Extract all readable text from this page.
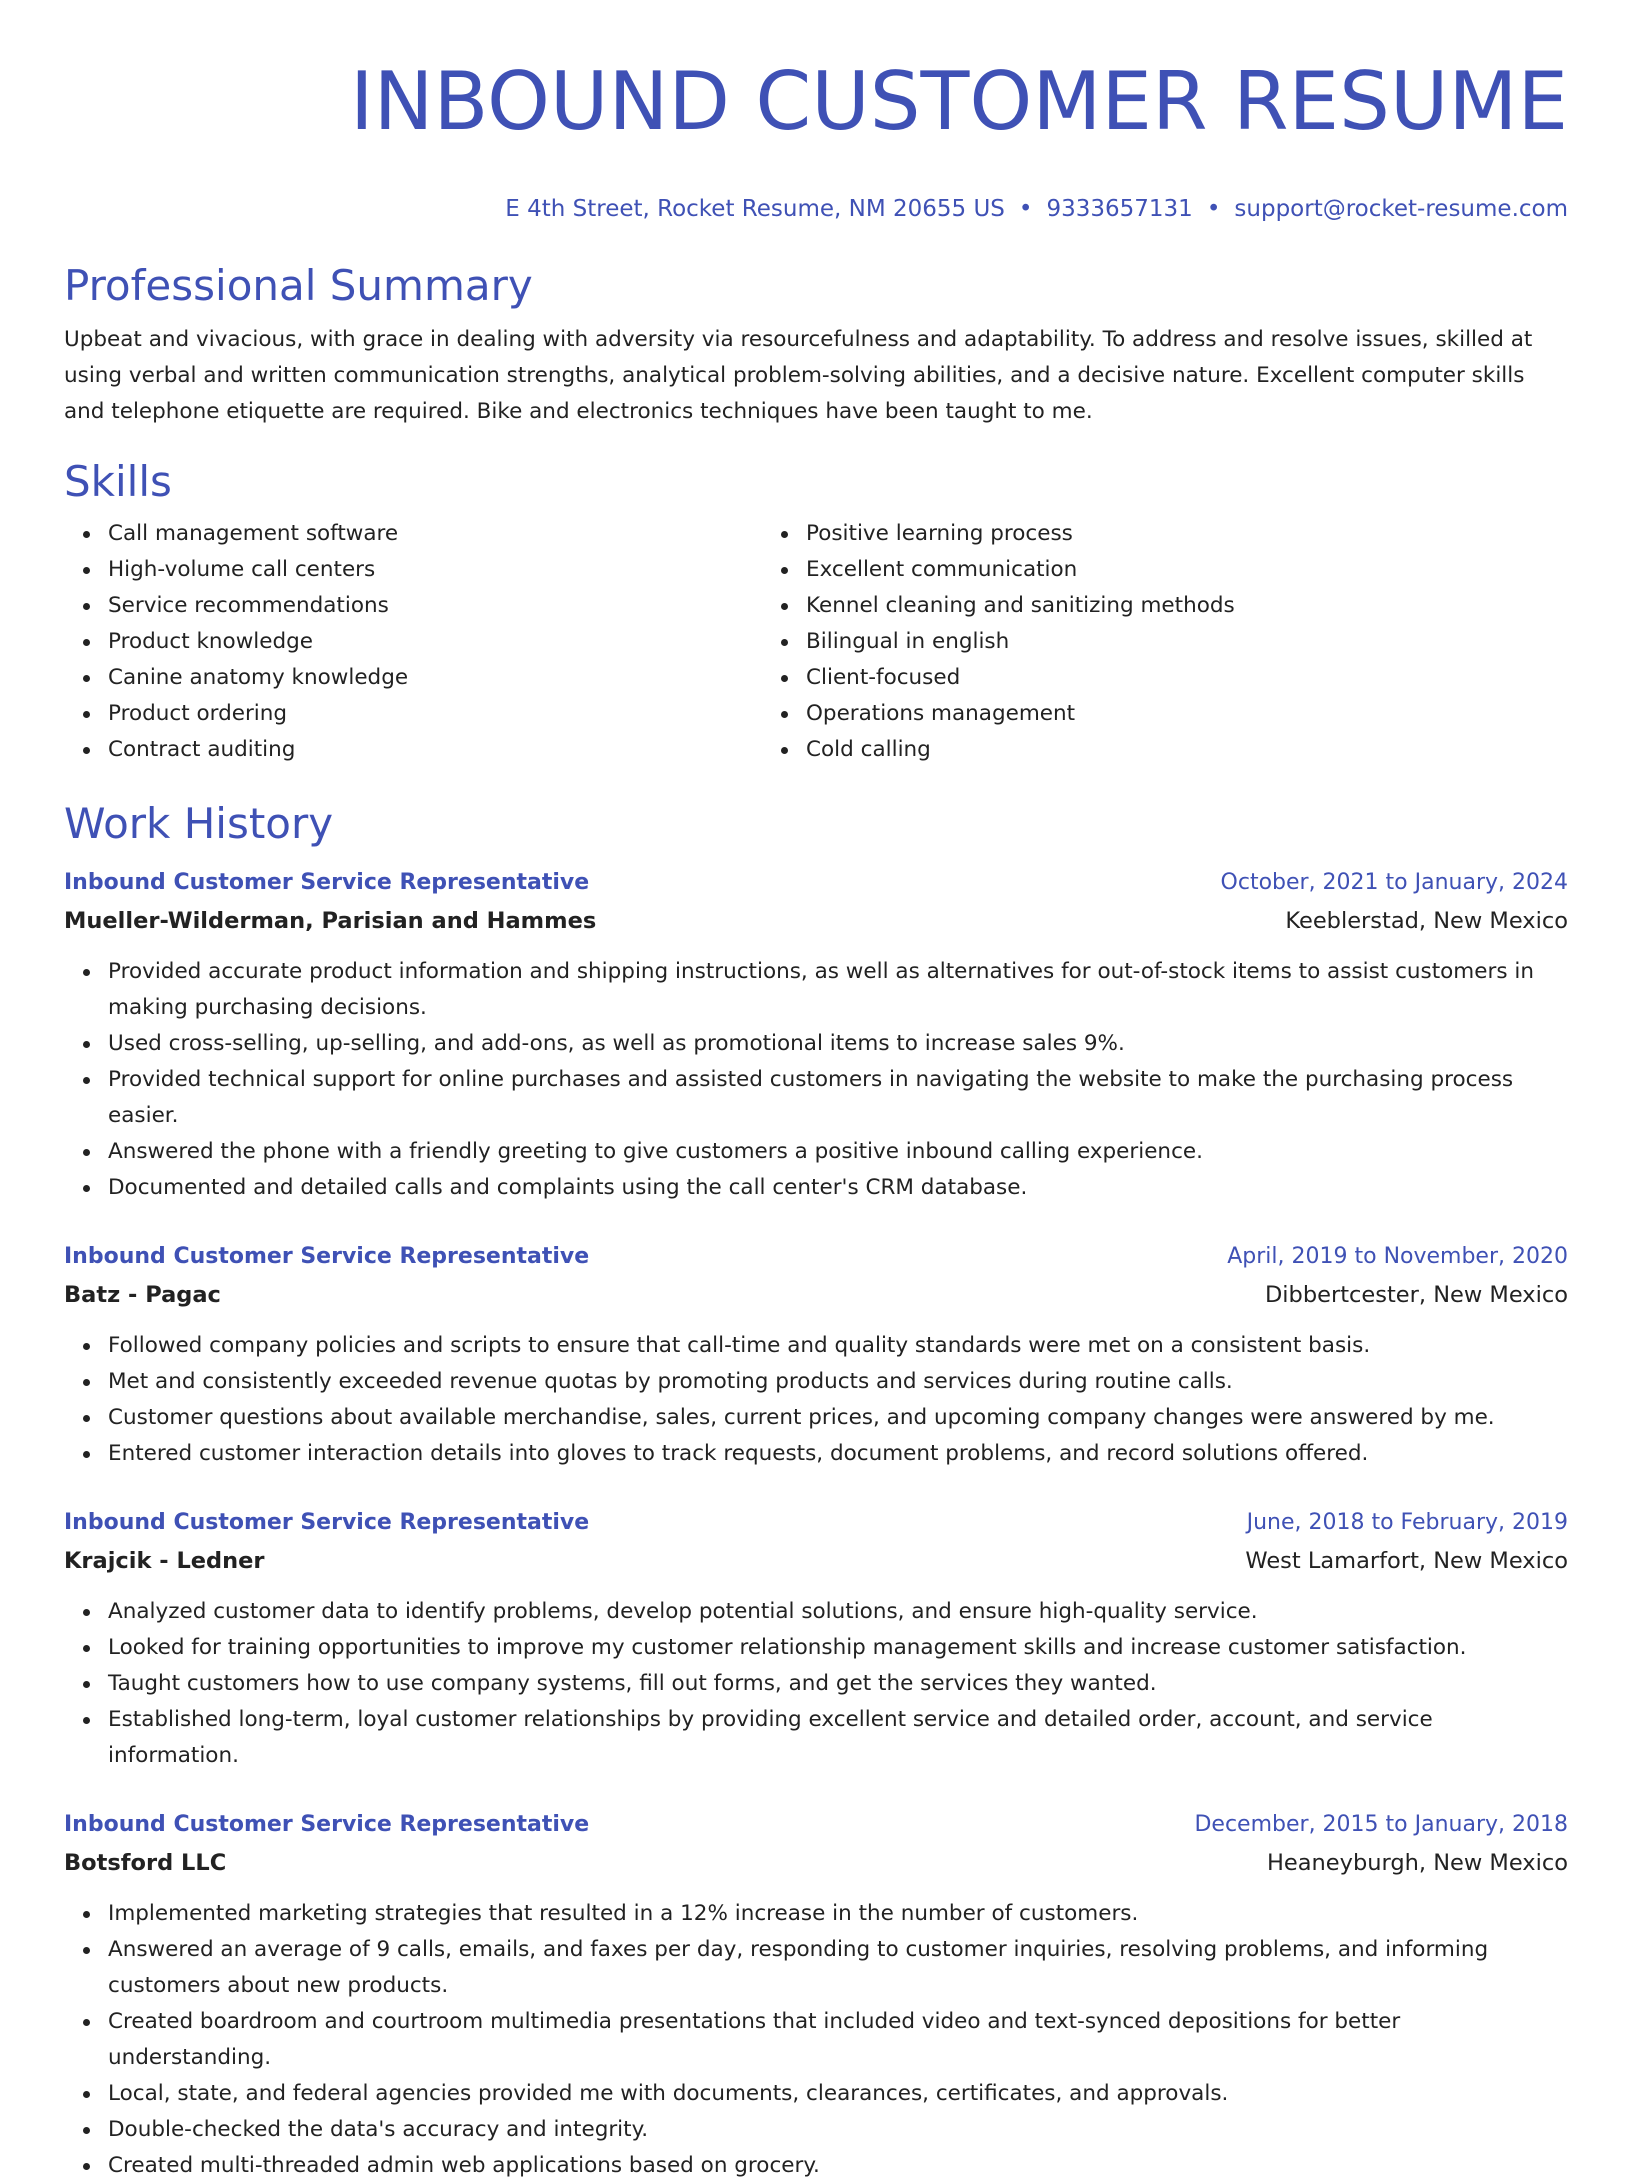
INBOUND CUSTOMER RESUME
E 4th Street, Rocket Resume, NM 20655 US • 9333657131 • support@rocket-resume.com
Professional Summary

Upbeat and vivacious, with grace in dealing with adversity via resourcefulness and adaptability. To address and resolve issues, skilled at using verbal and written communication strengths, analytical problem-solving abilities, and a decisive nature. Excellent computer skills and telephone etiquette are required. Bike and electronics techniques have been taught to me.

Skills
Call management software
High-volume call centers
Service recommendations
Product knowledge
Canine anatomy knowledge
Product ordering
Contract auditing
Positive learning process
Excellent communication
Kennel cleaning and sanitizing methods
Bilingual in english
Client-focused
Operations management
Cold calling
Work History
Inbound Customer Service Representative	October, 2021 to January, 2024
Mueller-Wilderman, Parisian and Hammes	Keeblerstad, New Mexico
Provided accurate product information and shipping instructions, as well as alternatives for out-of-stock items to assist customers in making purchasing decisions.
Used cross-selling, up-selling, and add-ons, as well as promotional items to increase sales 9%.
Provided technical support for online purchases and assisted customers in navigating the website to make the purchasing process easier.
Answered the phone with a friendly greeting to give customers a positive inbound calling experience.
Documented and detailed calls and complaints using the call center's CRM database.
Inbound Customer Service Representative	April, 2019 to November, 2020
Batz - Pagac	Dibbertcester, New Mexico
Followed company policies and scripts to ensure that call-time and quality standards were met on a consistent basis.
Met and consistently exceeded revenue quotas by promoting products and services during routine calls.
Customer questions about available merchandise, sales, current prices, and upcoming company changes were answered by me.
Entered customer interaction details into gloves to track requests, document problems, and record solutions offered.
Inbound Customer Service Representative	June, 2018 to February, 2019
Krajcik - Ledner	West Lamarfort, New Mexico
Analyzed customer data to identify problems, develop potential solutions, and ensure high-quality service.
Looked for training opportunities to improve my customer relationship management skills and increase customer satisfaction.
Taught customers how to use company systems, fill out forms, and get the services they wanted.
Established long-term, loyal customer relationships by providing excellent service and detailed order, account, and service information.
Inbound Customer Service Representative	December, 2015 to January, 2018
Botsford LLC	Heaneyburgh, New Mexico
Implemented marketing strategies that resulted in a 12% increase in the number of customers.
Answered an average of 9 calls, emails, and faxes per day, responding to customer inquiries, resolving problems, and informing customers about new products.
Created boardroom and courtroom multimedia presentations that included video and text-synced depositions for better understanding.
Local, state, and federal agencies provided me with documents, clearances, certificates, and approvals.
Double-checked the data's accuracy and integrity.
Created multi-threaded admin web applications based on grocery.
